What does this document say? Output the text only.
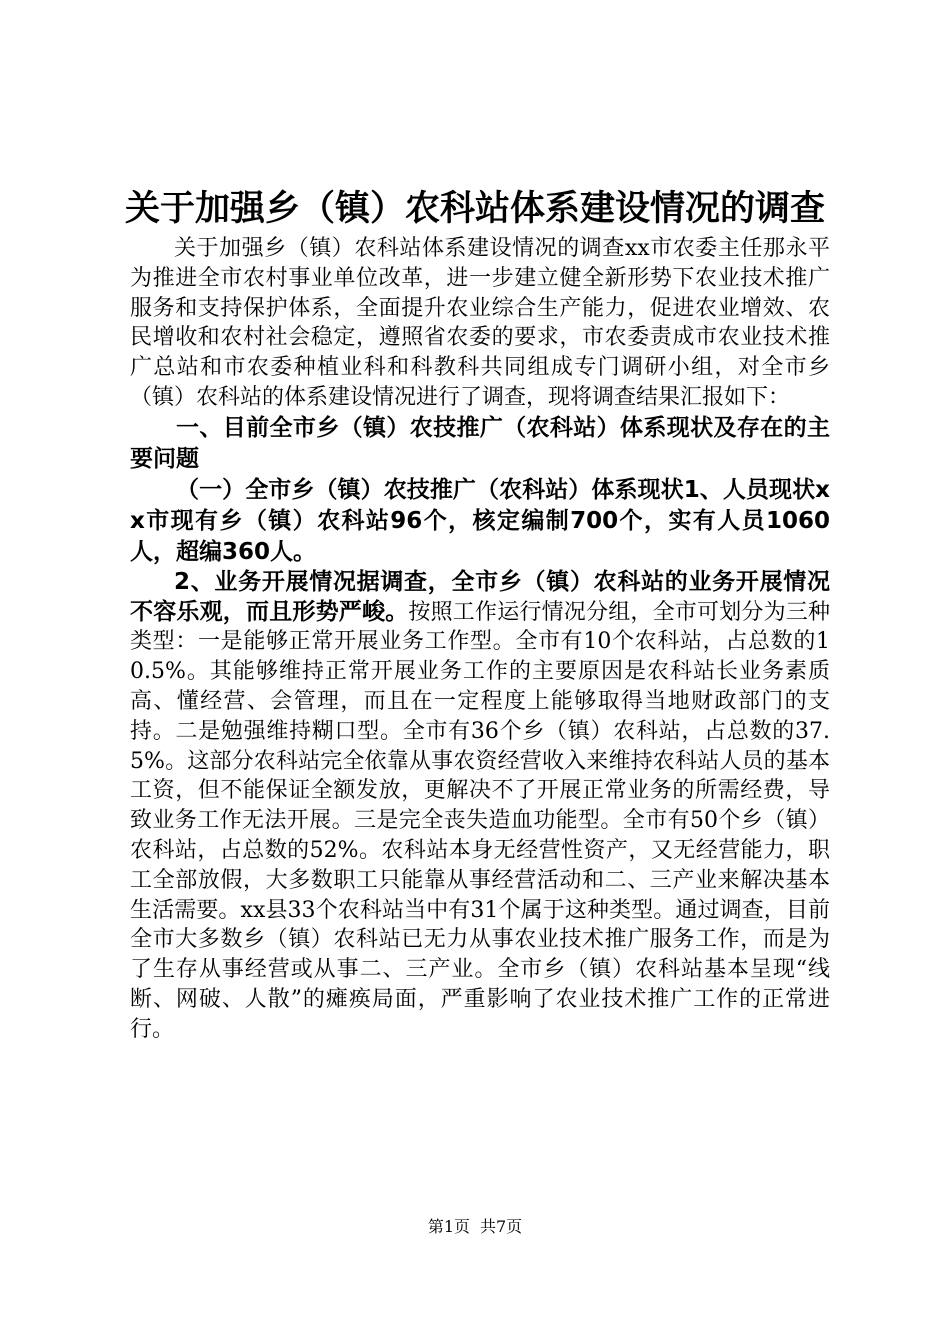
关于加强乡（镇）农科站体系建设情况的调查

关于加强乡（镇）农科站体系建设情况的调查xx市农委主任那永平为推进全市农村事业单位改革，进一步建立健全新形势下农业技术推广服务和支持保护体系，全面提升农业综合生产能力，促进农业增效、农民增收和农村社会稳定，遵照省农委的要求，市农委责成市农业技术推广总站和市农委种植业科和科教科共同组成专门调研小组，对全市乡（镇）农科站的体系建设情况进行了调查，现将调查结果汇报如下：

一、目前全市乡（镇）农技推广（农科站）体系现状及存在的主要问题

（一）全市乡（镇）农技推广（农科站）体系现状1、人员现状xx市现有乡（镇）农科站96个，核定编制700个，实有人员1060人，超编360人。

2、业务开展情况据调查，全市乡（镇）农科站的业务开展情况不容乐观，而且形势严峻。按照工作运行情况分组，全市可划分为三种类型：一是能够正常开展业务工作型。全市有10个农科站，占总数的10.5%。其能够维持正常开展业务工作的主要原因是农科站长业务素质高、懂经营、会管理，而且在一定程度上能够取得当地财政部门的支持。二是勉强维持糊口型。全市有36个乡（镇）农科站，占总数的37.5%。这部分农科站完全依靠从事农资经营收入来维持农科站人员的基本工资，但不能保证全额发放，更解决不了开展正常业务的所需经费，导致业务工作无法开展。三是完全丧失造血功能型。全市有50个乡（镇）农科站，占总数的52%。农科站本身无经营性资产，又无经营能力，职工全部放假，大多数职工只能靠从事经营活动和二、三产业来解决基本生活需要。xx县33个农科站当中有31个属于这种类型。通过调查，目前全市大多数乡（镇）农科站已无力从事农业技术推广服务工作，而是为了生存从事经营或从事二、三产业。全市乡（镇）农科站基本呈现“线断、网破、人散”的瘫痪局面，严重影响了农业技术推广工作的正常进行。

第1页 共7页
